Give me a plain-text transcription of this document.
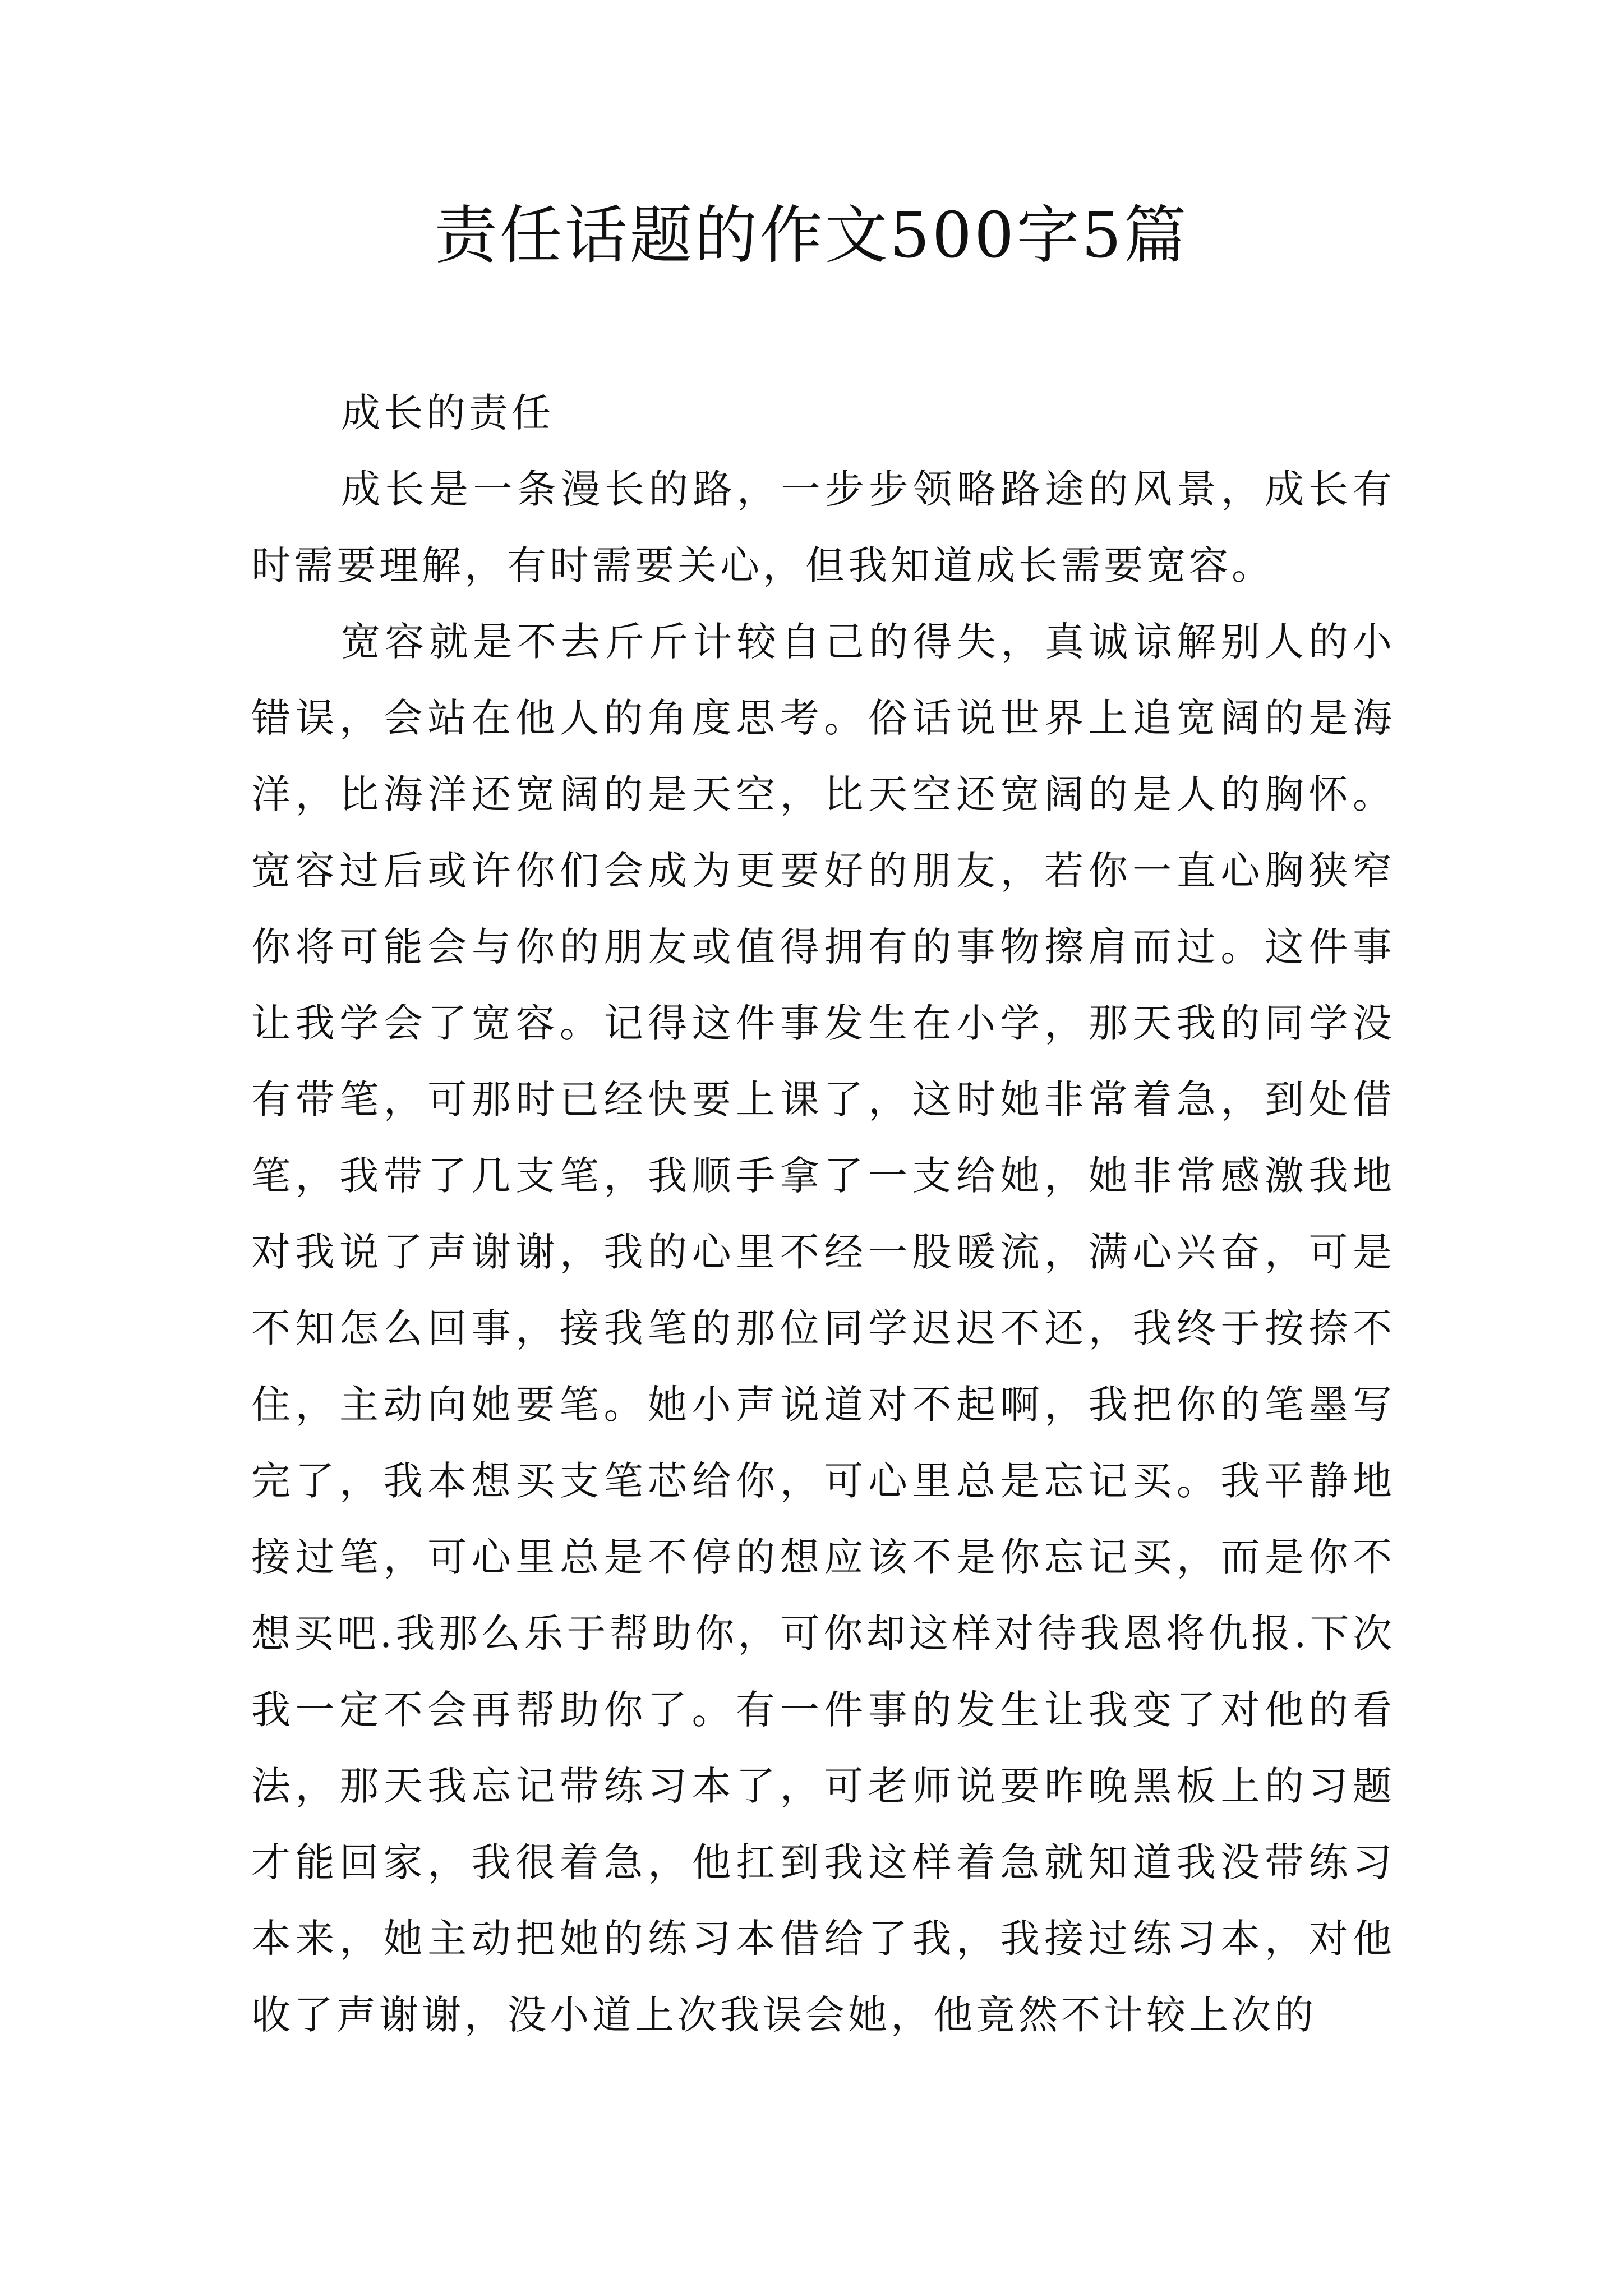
责任话题的作文500字5篇

成长的责任

成长是一条漫长的路，一步步领略路途的风景，成长有时需要理解，有时需要关心，但我知道成长需要宽容。

宽容就是不去斤斤计较自己的得失，真诚谅解别人的小错误，会站在他人的角度思考。俗话说世界上追宽阔的是海洋，比海洋还宽阔的是天空，比天空还宽阔的是人的胸怀。宽容过后或许你们会成为更要好的朋友，若你一直心胸狭窄你将可能会与你的朋友或值得拥有的事物擦肩而过。这件事让我学会了宽容。记得这件事发生在小学，那天我的同学没有带笔，可那时已经快要上课了，这时她非常着急，到处借笔，我带了几支笔，我顺手拿了一支给她，她非常感激我地对我说了声谢谢，我的心里不经一股暖流，满心兴奋，可是不知怎么回事，接我笔的那位同学迟迟不还，我终于按捺不住，主动向她要笔。她小声说道对不起啊，我把你的笔墨写完了，我本想买支笔芯给你，可心里总是忘记买。我平静地接过笔，可心里总是不停的想应该不是你忘记买，而是你不想买吧.我那么乐于帮助你，可你却这样对待我恩将仇报.下次我一定不会再帮助你了。有一件事的发生让我变了对他的看法，那天我忘记带练习本了，可老师说要昨晚黑板上的习题才能回家，我很着急，他扛到我这样着急就知道我没带练习本来，她主动把她的练习本借给了我，我接过练习本，对他收了声谢谢，没小道上次我误会她，他竟然不计较上次的
